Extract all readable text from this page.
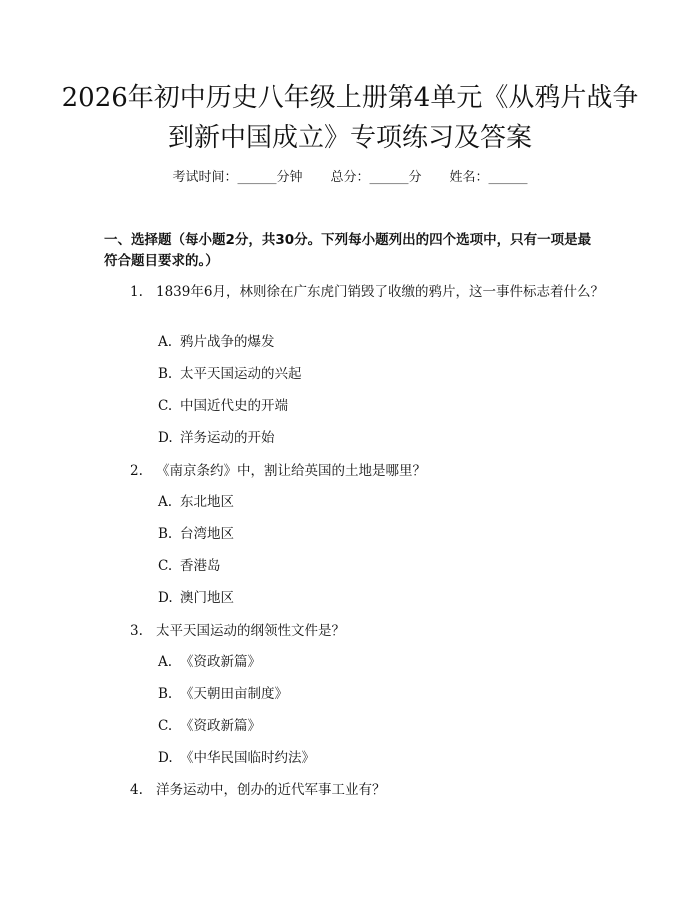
2026年初中历史八年级上册第4单元《从鸦片战争到新中国成立》专项练习及答案
考试时间：______分钟 总分：______分 姓名：______

一、选择题（每小题2分，共30分。下列每小题列出的四个选项中，只有一项是最符合题目要求的。）

1. 1839年6月，林则徐在广东虎门销毁了收缴的鸦片，这一事件标志着什么？
A. 鸦片战争的爆发
B. 太平天国运动的兴起
C. 中国近代史的开端
D. 洋务运动的开始
2. 《南京条约》中，割让给英国的土地是哪里？
A. 东北地区
B. 台湾地区
C. 香港岛
D. 澳门地区
3. 太平天国运动的纲领性文件是？
A. 《资政新篇》
B. 《天朝田亩制度》
C. 《资政新篇》
D. 《中华民国临时约法》
4. 洋务运动中，创办的近代军事工业有？
